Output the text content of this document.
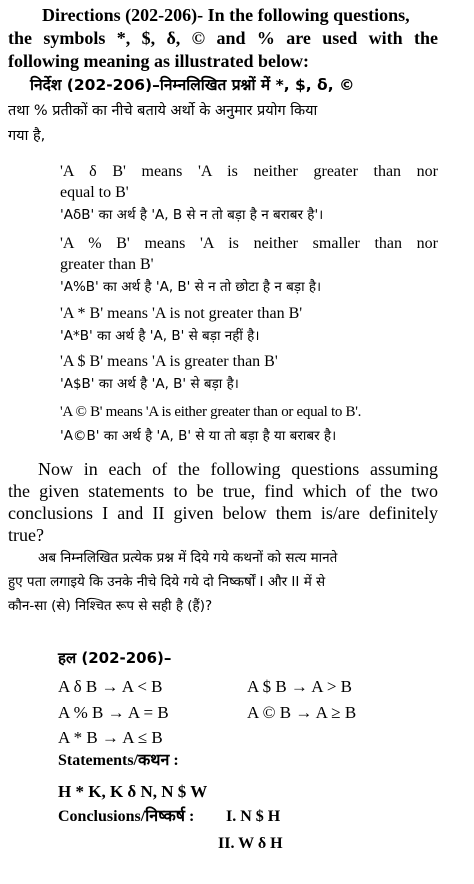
Directions (202-206)- In the following questions,
the symbols *, $, δ, © and % are used with the
following meaning as illustrated below:
निर्देश (202-206)–निम्नलिखित प्रश्नों में *, $, δ, ©
तथा % प्रतीकों का नीचे बताये अर्थो के अनुमार प्रयोग किया
गया है,
'A δ B' means 'A is neither greater than nor
equal to B'
'AδB' का अर्थ है 'A, B से न तो बड़ा है न बराबर है'।
'A % B' means 'A is neither smaller than nor
greater than B'
'A%B' का अर्थ है 'A, B' से न तो छोटा है न बड़ा है।
'A * B' means 'A is not greater than B'
'A*B' का अर्थ है 'A, B' से बड़ा नहीं है।
'A $ B' means 'A is greater than B'
'A$B' का अर्थ है 'A, B' से बड़ा है।
'A © B' means 'A is either greater than or equal to B'.
'A©B' का अर्थ है 'A, B' से या तो बड़ा है या बराबर है।
Now in each of the following questions assuming
the given statements to be true, find which of the two
conclusions I and II given below them is/are definitely
true?
अब निम्नलिखित प्रत्येक प्रश्न में दिये गये कथनों को सत्य मानते
हुए पता लगाइये कि उनके नीचे दिये गये दो निष्कर्षों I और II में से
कौन-सा (से) निश्चित रूप से सही है (हैं)?
हल (202-206)–
A δ B → A < B	A $ B → A > B
A % B → A = B	A © B → A ≥ B
A * B → A ≤ B
Statements/कथन :
H * K, K δ N, N $ W
Conclusions/निष्कर्ष : I. N $ H
II. W δ H
